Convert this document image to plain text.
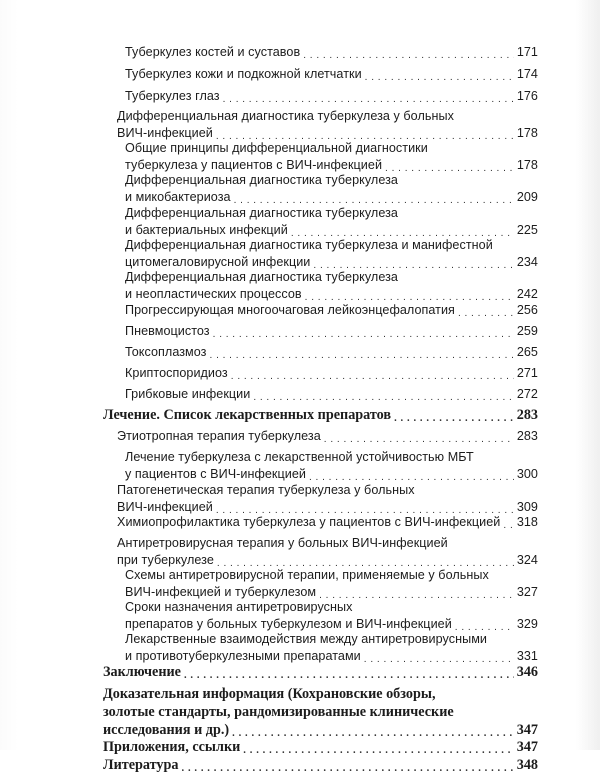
Туберкулез костей и суставов . . .	171
Туберкулез кожи и подкожной клетчатки . . .	174
Туберкулез глаз . . .	176
Дифференциальная диагностика туберкулеза у больных
ВИЧ-инфекцией . . .	178
Общие принципы дифференциальной диагностики
туберкулеза у пациентов с ВИЧ-инфекцией . . .	178
Дифференциальная диагностика туберкулеза
и микобактериоза . . .	209
Дифференциальная диагностика туберкулеза
и бактериальных инфекций . . .	225
Дифференциальная диагностика туберкулеза и манифестной
цитомегаловирусной инфекции . . .	234
Дифференциальная диагностика туберкулеза
и неопластических процессов . . .	242
Прогрессирующая многоочаговая лейкоэнцефалопатия . . .	256
Пневмоцистоз . . .	259
Токсоплазмоз . . .	265
Криптоспоридиоз . . .	271
Грибковые инфекции . . .	272
Лечение. Список лекарственных препаратов . . .	283
Этиотропная терапия туберкулеза . . .	283
Лечение туберкулеза с лекарственной устойчивостью МБТ
у пациентов с ВИЧ-инфекцией . . .	300
Патогенетическая терапия туберкулеза у больных
ВИЧ-инфекцией . . .	309
Химиопрофилактика туберкулеза у пациентов с ВИЧ-инфекцией . . . 318
Антиретровирусная терапия у больных ВИЧ-инфекцией
при туберкулезе . . .	324
Схемы антиретровирусной терапии, применяемые у больных
ВИЧ-инфекцией и туберкулезом . . .	327
Сроки назначения антиретровирусных
препаратов у больных туберкулезом и ВИЧ-инфекцией . . .	329
Лекарственные взаимодействия между антиретровирусными
и противотуберкулезными препаратами . . .	331
Заключение . . .	346
Доказательная информация (Кохрановские обзоры,
золотые стандарты, рандомизированные клинические
исследования и др.) . . .	347
Приложения, ссылки . . .	347
Литература . . .	348
